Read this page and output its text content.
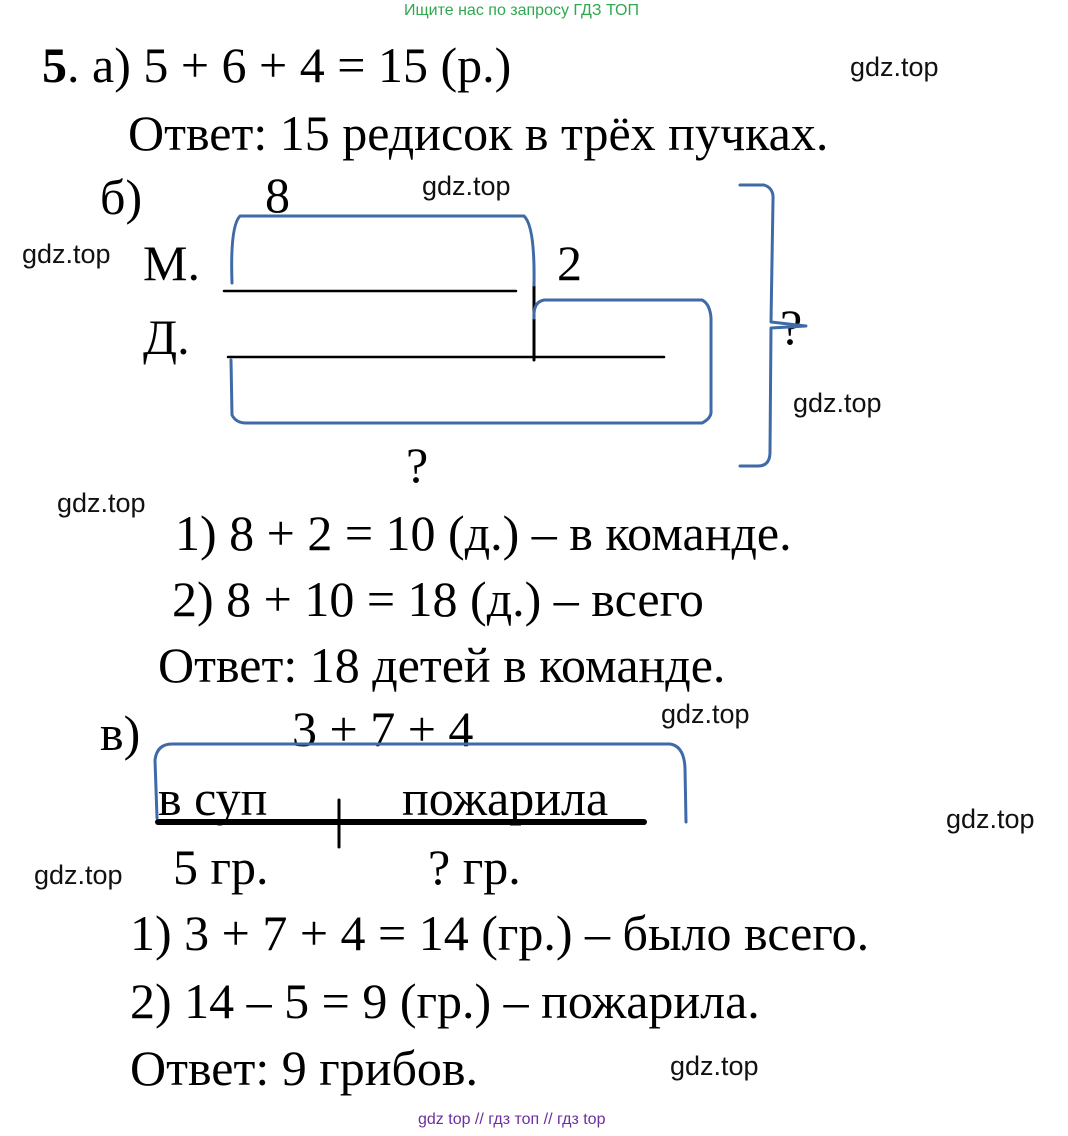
Ищите нас по запросу ГДЗ ТОП
gdz top // гдз топ // гдз top
gdz.top
gdz.top
gdz.top
gdz.top
gdz.top
gdz.top
gdz.top
gdz.top
gdz.top
5. а) 5 + 6 + 4 = 15 (р.)
Ответ: 15 редисок в трёх пучках.
б) 8
М.	2
Д.	?
?
1) 8 + 2 = 10 (д.) – в команде.
2) 8 + 10 = 18 (д.) – всего
Ответ: 18 детей в команде.
в)	3 + 7 + 4
в суп	пожарила
5 гр.	? гр.
1) 3 + 7 + 4 = 14 (гр.) – было всего.
2) 14 – 5 = 9 (гр.) – пожарила.
Ответ: 9 грибов.
